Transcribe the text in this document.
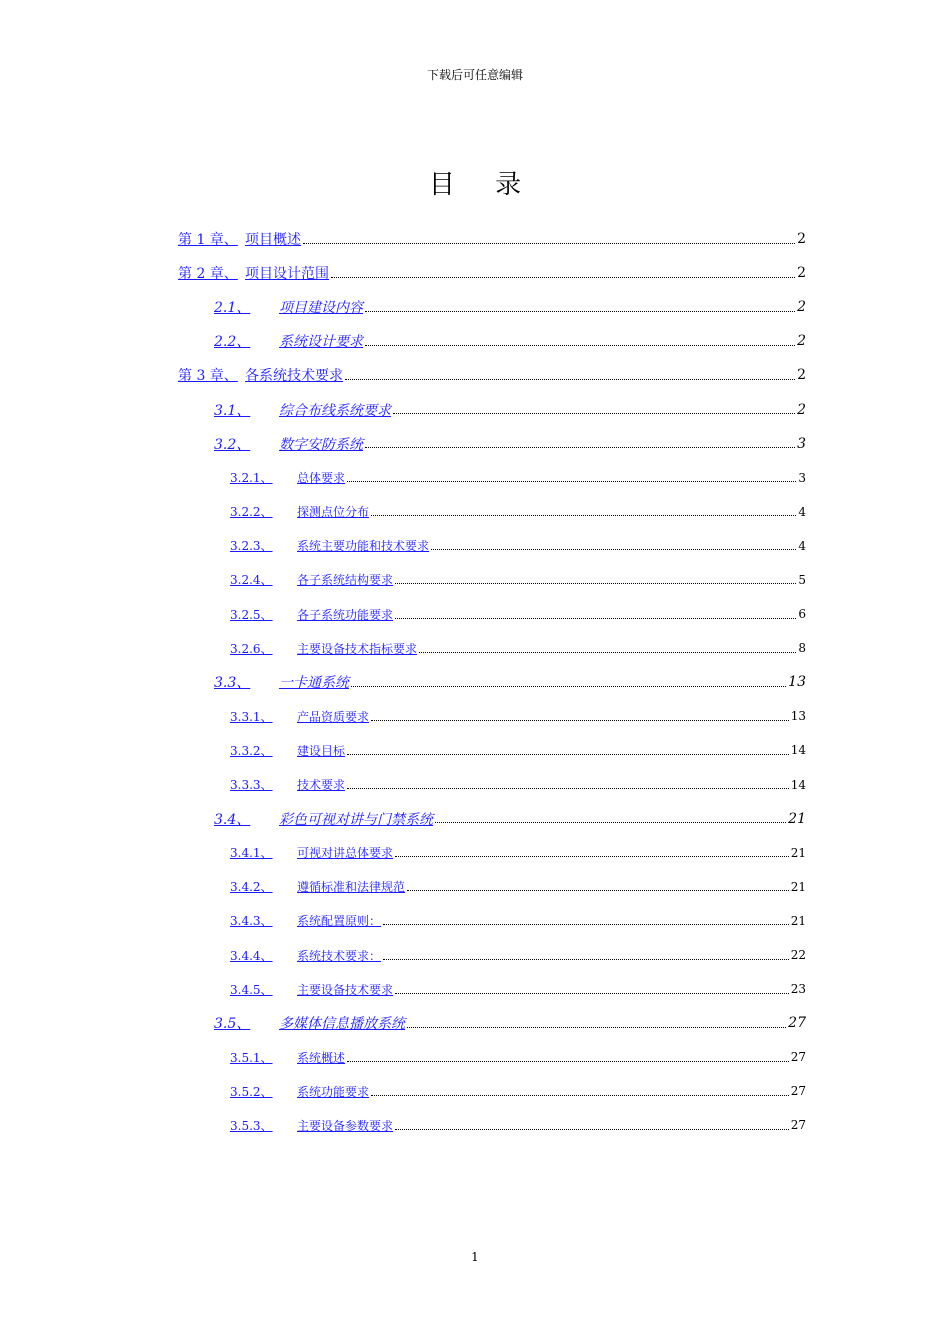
下载后可任意编辑
目 录
第 1 章、 项目概述	2
第 2 章、 项目设计范围	2
2.1、	项目建设内容	2
2.2、	系统设计要求	2
第 3 章、 各系统技术要求	2
3.1、	综合布线系统要求	2
3.2、	数字安防系统	3
3.2.1、	总体要求	3
3.2.2、	探测点位分布	4
3.2.3、	系统主要功能和技术要求	4
3.2.4、	各子系统结构要求	5
3.2.5、	各子系统功能要求	6
3.2.6、	主要设备技术指标要求	8
3.3、	一卡通系统	13
3.3.1、	产品资质要求	13
3.3.2、	建设目标	14
3.3.3、	技术要求	14
3.4、	彩色可视对讲与门禁系统	21
3.4.1、	可视对讲总体要求	21
3.4.2、	遵循标准和法律规范	21
3.4.3、	系统配置原则：	21
3.4.4、	系统技术要求：	22
3.4.5、	主要设备技术要求	23
3.5、	多媒体信息播放系统	27
3.5.1、	系统概述	27
3.5.2、	系统功能要求	27
3.5.3、	主要设备参数要求	27
1
